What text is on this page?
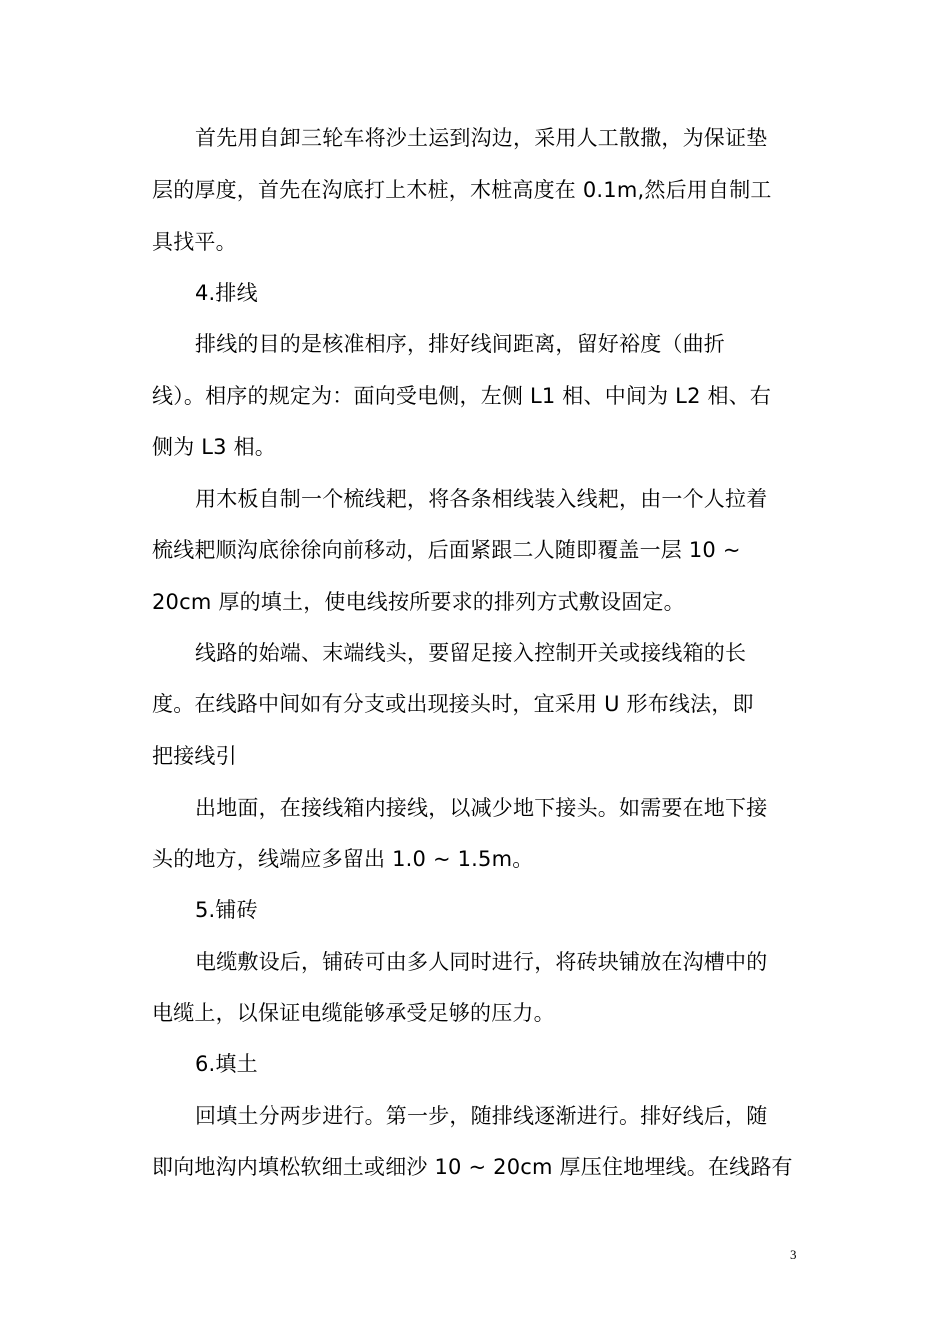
首先用自卸三轮车将沙土运到沟边，采用人工散撒，为保证垫
层的厚度，首先在沟底打上木桩，木桩高度在 0.1m,然后用自制工
具找平。
4.排线
排线的目的是核准相序，排好线间距离，留好裕度（曲折
线）。相序的规定为：面向受电侧，左侧 L1 相、中间为 L2 相、右
侧为 L3 相。
用木板自制一个梳线耙，将各条相线装入线耙，由一个人拉着
梳线耙顺沟底徐徐向前移动，后面紧跟二人随即覆盖一层 10 ~
20cm 厚的填土，使电线按所要求的排列方式敷设固定。
线路的始端、末端线头，要留足接入控制开关或接线箱的长
度。在线路中间如有分支或出现接头时，宜采用 U 形布线法，即
把接线引
出地面，在接线箱内接线，以减少地下接头。如需要在地下接
头的地方，线端应多留出 1.0 ~ 1.5m。
5.铺砖
电缆敷设后，铺砖可由多人同时进行，将砖块铺放在沟槽中的
电缆上，以保证电缆能够承受足够的压力。
6.填土
回填土分两步进行。第一步，随排线逐渐进行。排好线后，随
即向地沟内填松软细土或细沙 10 ~ 20cm 厚压住地埋线。在线路有
3
